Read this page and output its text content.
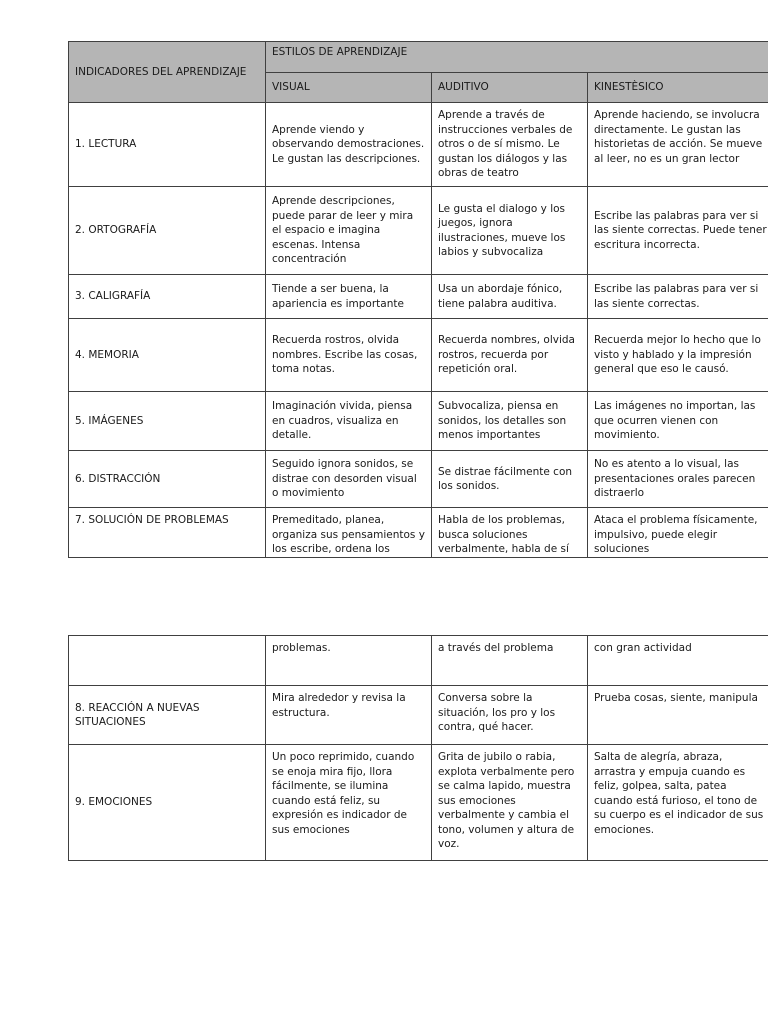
INDICADORES DEL APRENDIZAJE	ESTILOS DE APRENDIZAJE		
	VISUAL	AUDITIVO	KINESTÈSICO
1. LECTURA	Aprende viendo y observando demostraciones. Le gustan las descripciones.	Aprende a través de instrucciones verbales de otros o de sí mismo. Le gustan los diálogos y las obras de teatro	Aprende haciendo, se involucra directamente. Le gustan las historietas de acción. Se mueve al leer, no es un gran lector
2. ORTOGRAFÍA	Aprende descripciones, puede parar de leer y mira el espacio e imagina escenas. Intensa concentración	Le gusta el dialogo y los juegos, ignora ilustraciones, mueve los labios y subvocaliza	Escribe las palabras para ver si las siente correctas. Puede tener escritura incorrecta.
3. CALIGRAFÍA	Tiende a ser buena, la apariencia es importante	Usa un abordaje fónico, tiene palabra auditiva.	Escribe las palabras para ver si las siente correctas.
4. MEMORIA	Recuerda rostros, olvida nombres. Escribe las cosas, toma notas.	Recuerda nombres, olvida rostros, recuerda por repetición oral.	Recuerda mejor lo hecho que lo visto y hablado y la impresión general que eso le causó.
5. IMÁGENES	Imaginación vivida, piensa en cuadros, visualiza en detalle.	Subvocaliza, piensa en sonidos, los detalles son menos importantes	Las imágenes no importan, las que ocurren vienen con movimiento.
6. DISTRACCIÓN	Seguido ignora sonidos, se distrae con desorden visual o movimiento	Se distrae fácilmente con los sonidos.	No es atento a lo visual, las presentaciones orales parecen distraerlo
7. SOLUCIÓN DE PROBLEMAS	Premeditado, planea, organiza sus pensamientos y los escribe, ordena los	Habla de los problemas, busca soluciones verbalmente, habla de sí	Ataca el problema físicamente, impulsivo, puede elegir soluciones
	problemas.	a través del problema	con gran actividad
8. REACCIÓN A NUEVAS SITUACIONES	Mira alrededor y revisa la estructura.	Conversa sobre la situación, los pro y los contra, qué hacer.	Prueba cosas, siente, manipula
9. EMOCIONES	Un poco reprimido, cuando se enoja mira fijo, llora fácilmente, se ilumina cuando está feliz, su expresión es indicador de sus emociones	Grita de jubilo o rabia, explota verbalmente pero se calma lapido, muestra sus emociones verbalmente y cambia el tono, volumen y altura de voz.	Salta de alegría, abraza, arrastra y empuja cuando es feliz, golpea, salta, patea cuando está furioso, el tono de su cuerpo es el indicador de sus emociones.
